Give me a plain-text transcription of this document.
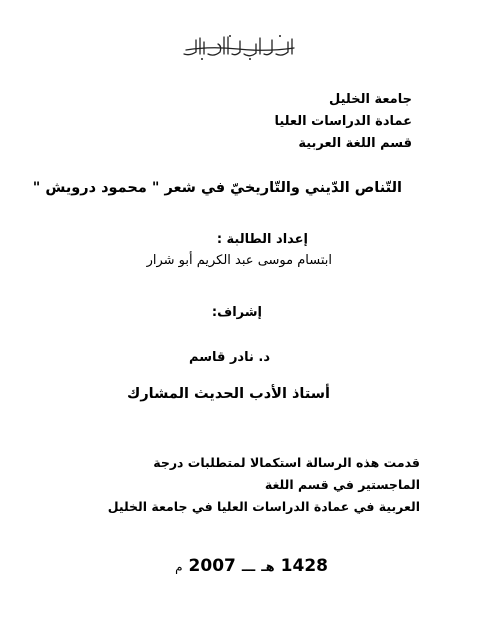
جامعة الخليل
عمادة الدراسات العليا
قسم اللغة العربية
التّناص الدّيني والتّاريخيّ في شعر " محمود درويش "
إعداد الطالبة :
ابتسام موسى عبد الكريم أبو شرار
إشراف:
د. نادر قاسم
أستاذ الأدب الحديث المشارك
قدمت هذه الرسالة استكمالا لمتطلبات درجة الماجستير في قسم اللغة
العربية في عمادة الدراسات العليا في جامعة الخليل
م 2007 ـــ هـ 1428
